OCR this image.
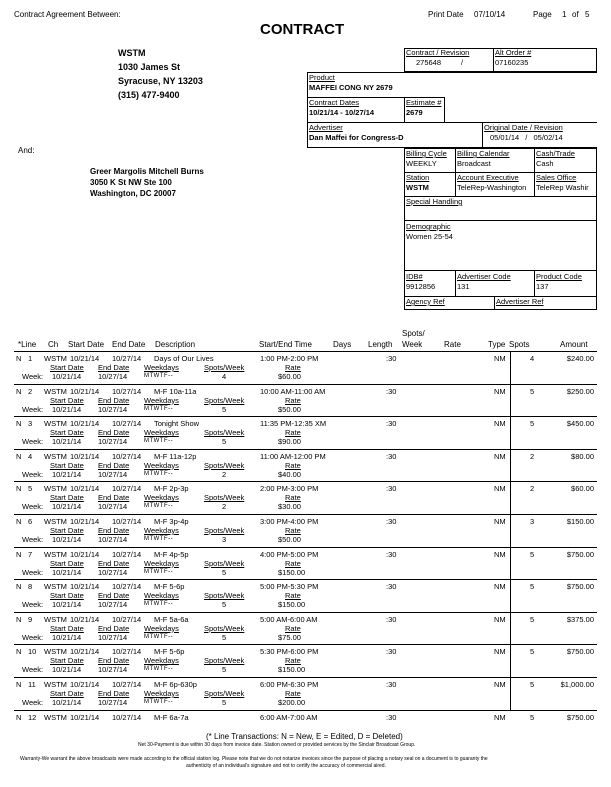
Contract Agreement Between:	Print Date 07/10/14	Page 1 of 5
CONTRACT
WSTM
1030 James St
Syracuse, NY 13203
(315) 477-9400
And:
Greer Margolis Mitchell Burns
3050 K St NW Ste 100
Washington, DC 20007
Contract / Revision
275648	/
Alt Order #
07160235
Product
MAFFEI CONG NY 2679
Contract Dates
10/21/14 - 10/27/14
Estimate #
2679
Advertiser
Dan Maffei for Congress-D
Original Date / Revision
05/01/14 / 05/02/14
Billing Cycle
WEEKLY
Billing Calendar
Broadcast
Cash/Trade
Cash
Station
WSTM
Account Executive
TeleRep-Washington
Sales Office
TeleRep Washir
Special Handling
Demographic
Women 25-54
IDB#
9912856
Advertiser Code
131
Product Code
137
Agency Ref	Advertiser Ref
*Line Ch Start Date End Date Description	Start/End Time	Days Length
Spots/
Week	Rate	Type Spots	Amount
N 1 WSTM 10/21/14 10/27/14 Days of Our Lives	1:00 PM-2:00 PM	:30	NM	4	$240.00
Start Date End Date Weekdays	Spots/Week	Rate
Week: 10/21/14 10/27/14	MTWTF--	4	$60.00
N 2 WSTM 10/21/14 10/27/14 M-F 10a-11a	10:00 AM-11:00 AM	:30	NM	5	$250.00
Start Date End Date Weekdays	Spots/Week	Rate
Week: 10/21/14 10/27/14	MTWTF--	5	$50.00
N 3 WSTM 10/21/14 10/27/14 Tonight Show	11:35 PM-12:35 XM	:30	NM	5	$450.00
Start Date End Date Weekdays	Spots/Week	Rate
Week: 10/21/14 10/27/14	MTWTF--	5	$90.00
N 4 WSTM 10/21/14 10/27/14 M-F 11a-12p	11:00 AM-12:00 PM	:30	NM	2	$80.00
Start Date End Date Weekdays	Spots/Week	Rate
Week: 10/21/14 10/27/14	MTWTF--	2	$40.00
N 5 WSTM 10/21/14 10/27/14 M-F 2p-3p	2:00 PM-3:00 PM	:30	NM	2	$60.00
Start Date End Date Weekdays	Spots/Week	Rate
Week: 10/21/14 10/27/14	MTWTF--	2	$30.00
N 6 WSTM 10/21/14 10/27/14 M-F 3p-4p	3:00 PM-4:00 PM	:30	NM	3	$150.00
Start Date End Date Weekdays	Spots/Week	Rate
Week: 10/21/14 10/27/14	MTWTF--	3	$50.00
N 7 WSTM 10/21/14 10/27/14 M-F 4p-5p	4:00 PM-5:00 PM	:30	NM	5	$750.00
Start Date End Date Weekdays	Spots/Week	Rate
Week: 10/21/14 10/27/14	MTWTF--	5	$150.00
N 8 WSTM 10/21/14 10/27/14 M-F 5-6p	5:00 PM-5:30 PM	:30	NM	5	$750.00
Start Date End Date Weekdays	Spots/Week	Rate
Week: 10/21/14 10/27/14	MTWTF--	5	$150.00
N 9 WSTM 10/21/14 10/27/14 M-F 5a-6a	5:00 AM-6:00 AM	:30	NM	5	$375.00
Start Date End Date Weekdays	Spots/Week	Rate
Week: 10/21/14 10/27/14	MTWTF--	5	$75.00
N 10 WSTM 10/21/14 10/27/14 M-F 5-6p	5:30 PM-6:00 PM	:30	NM	5	$750.00
Start Date End Date Weekdays	Spots/Week	Rate
Week: 10/21/14 10/27/14	MTWTF--	5	$150.00
N 11 WSTM 10/21/14 10/27/14 M-F 6p-630p	6:00 PM-6:30 PM	:30	NM	5	$1,000.00
Start Date End Date Weekdays	Spots/Week	Rate
Week: 10/21/14 10/27/14	MTWTF--	5	$200.00
N 12 WSTM 10/21/14 10/27/14 M-F 6a-7a	6:00 AM-7:00 AM	:30	NM	5	$750.00
(* Line Transactions: N = New, E = Edited, D = Deleted)
Net 30-Payment is due within 30 days from invoice date. Station owned or provided services by the Sinclair Broadcast Group.
Warranty-We warrant the above broadcasts were made according to the official station log. Please note that we do not notarize invoices since the purpose of placing a notary seal on a document is to guaranty the
authenticity of an individual's signature and not to certify the accuracy of commercial aired.
